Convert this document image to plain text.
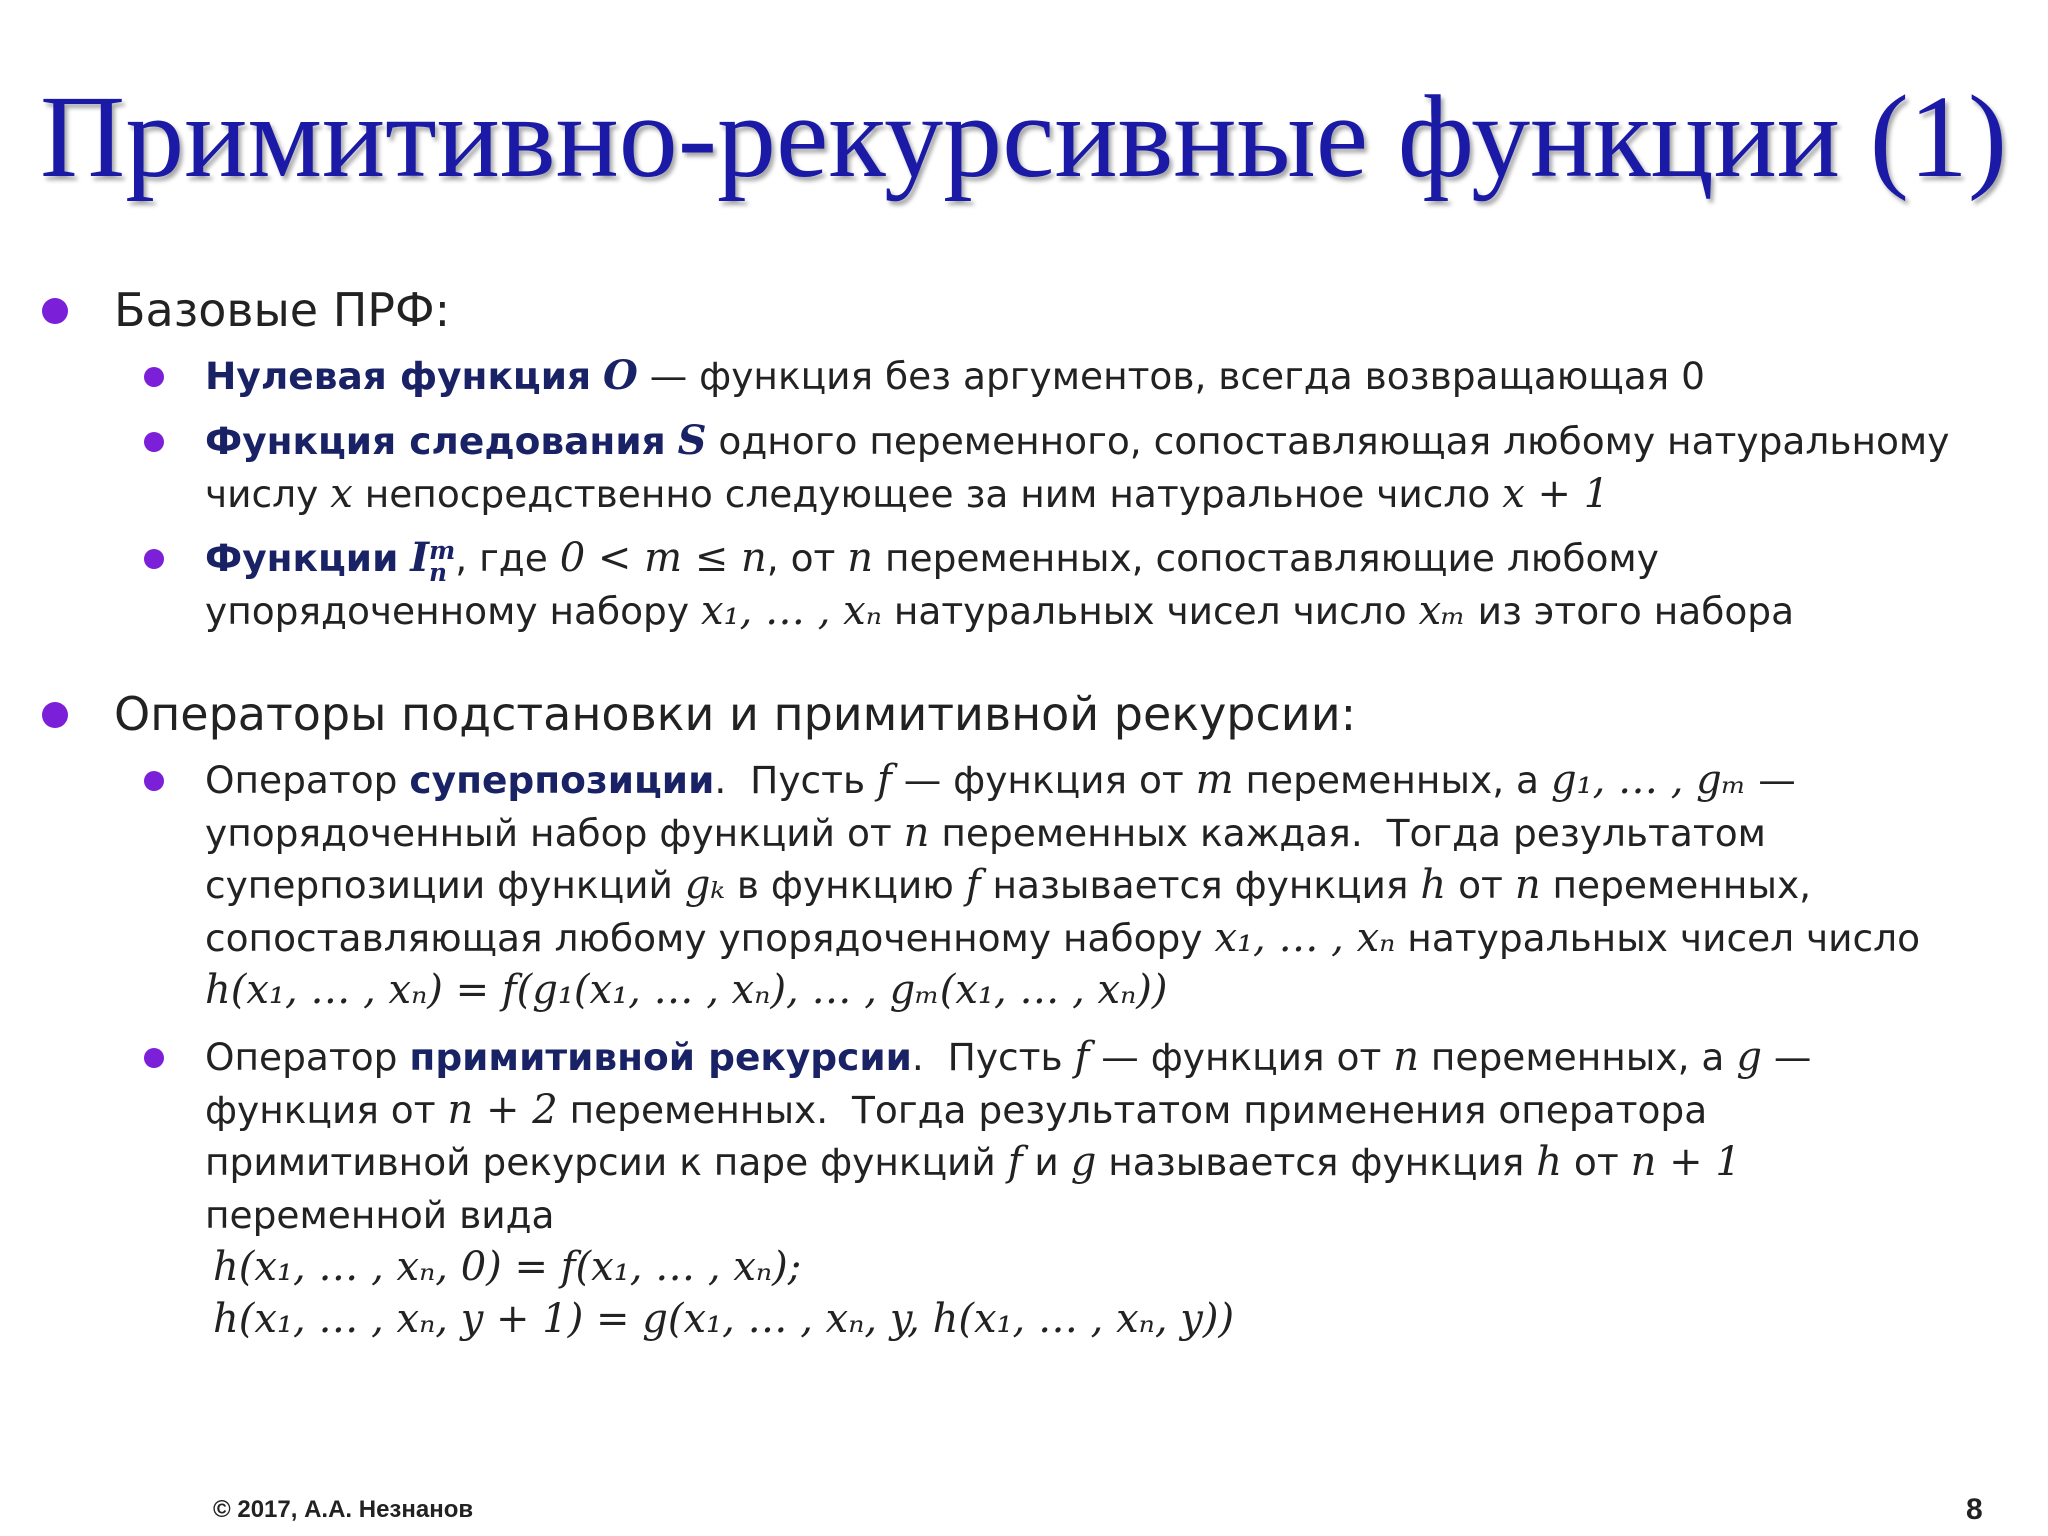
Примитивно-рекурсивные функции (1)
Базовые ПРФ:
Нулевая функция O — функция без аргументов, всегда возвращающая 0
Функция следования S одного переменного, сопоставляющая любому натуральному
числу x непосредственно следующее за ним натуральное число x + 1
Функции I m
n , где 0 < m ≤ n, от n переменных, сопоставляющие любому
упорядоченному набору x₁, … , xₙ натуральных чисел число xₘ из этого набора
Операторы подстановки и примитивной рекурсии:
Оператор суперпозиции.  Пусть f — функция от m переменных, а g₁, … , gₘ —
упорядоченный набор функций от n переменных каждая.  Тогда результатом
суперпозиции функций gₖ в функцию f называется функция h от n переменных,
сопоставляющая любому упорядоченному набору x₁, … , xₙ натуральных чисел число
h(x₁, … , xₙ) = f(g₁(x₁, … , xₙ), … , gₘ(x₁, … , xₙ))
Оператор примитивной рекурсии.  Пусть f — функция от n переменных, а g —
функция от n + 2 переменных.  Тогда результатом применения оператора
примитивной рекурсии к паре функций f и g называется функция h от n + 1
переменной вида
h(x₁, … , xₙ, 0) = f(x₁, … , xₙ);
h(x₁, … , xₙ, y + 1) = g(x₁, … , xₙ, y, h(x₁, … , xₙ, y))
© 2017, А.А. Незнанов	8
